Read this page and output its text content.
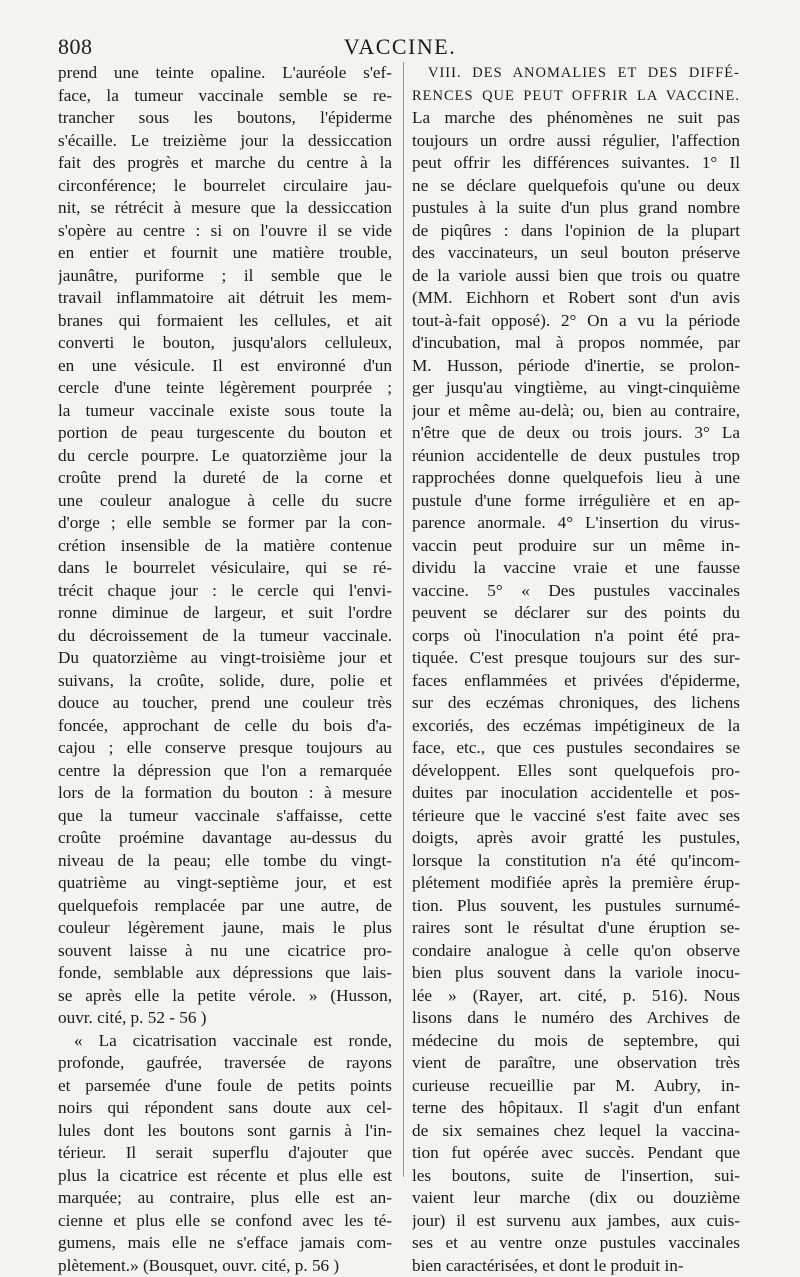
808	VACCINE.
prend une teinte opaline. L'auréole s'ef-
face, la tumeur vaccinale semble se re-
trancher sous les boutons, l'épiderme
s'écaille. Le treizième jour la dessiccation
fait des progrès et marche du centre à la
circonférence; le bourrelet circulaire jau-
nit, se rétrécit à mesure que la dessiccation
s'opère au centre : si on l'ouvre il se vide
en entier et fournit une matière trouble,
jaunâtre, puriforme ; il semble que le
travail inflammatoire ait détruit les mem-
branes qui formaient les cellules, et ait
converti le bouton, jusqu'alors celluleux,
en une vésicule. Il est environné d'un
cercle d'une teinte légèrement pourprée ;
la tumeur vaccinale existe sous toute la
portion de peau turgescente du bouton et
du cercle pourpre. Le quatorzième jour la
croûte prend la dureté de la corne et
une couleur analogue à celle du sucre
d'orge ; elle semble se former par la con-
crétion insensible de la matière contenue
dans le bourrelet vésiculaire, qui se ré-
trécit chaque jour : le cercle qui l'envi-
ronne diminue de largeur, et suit l'ordre
du décroissement de la tumeur vaccinale.
Du quatorzième au vingt-troisième jour et
suivans, la croûte, solide, dure, polie et
douce au toucher, prend une couleur très
foncée, approchant de celle du bois d'a-
cajou ; elle conserve presque toujours au
centre la dépression que l'on a remarquée
lors de la formation du bouton : à mesure
que la tumeur vaccinale s'affaisse, cette
croûte proémine davantage au-dessus du
niveau de la peau; elle tombe du vingt-
quatrième au vingt-septième jour, et est
quelquefois remplacée par une autre, de
couleur légèrement jaune, mais le plus
souvent laisse à nu une cicatrice pro-
fonde, semblable aux dépressions que lais-
se après elle la petite vérole. » (Husson,
ouvr. cité, p. 52 - 56 )
« La cicatrisation vaccinale est ronde,
profonde, gaufrée, traversée de rayons
et parsemée d'une foule de petits points
noirs qui répondent sans doute aux cel-
lules dont les boutons sont garnis à l'in-
térieur. Il serait superflu d'ajouter que
plus la cicatrice est récente et plus elle est
marquée; au contraire, plus elle est an-
cienne et plus elle se confond avec les té-
gumens, mais elle ne s'efface jamais com-
plètement.» (Bousquet, ouvr. cité, p. 56 )
VIII. DES ANOMALIES ET DES DIFFÉ-
RENCES QUE PEUT OFFRIR LA VACCINE.
La marche des phénomènes ne suit pas
toujours un ordre aussi régulier, l'affection
peut offrir les différences suivantes. 1° Il
ne se déclare quelquefois qu'une ou deux
pustules à la suite d'un plus grand nombre
de piqûres : dans l'opinion de la plupart
des vaccinateurs, un seul bouton préserve
de la variole aussi bien que trois ou quatre
(MM. Eichhorn et Robert sont d'un avis
tout-à-fait opposé). 2° On a vu la période
d'incubation, mal à propos nommée, par
M. Husson, période d'inertie, se prolon-
ger jusqu'au vingtième, au vingt-cinquième
jour et même au-delà; ou, bien au contraire,
n'être que de deux ou trois jours. 3° La
réunion accidentelle de deux pustules trop
rapprochées donne quelquefois lieu à une
pustule d'une forme irrégulière et en ap-
parence anormale. 4° L'insertion du virus-
vaccin peut produire sur un même in-
dividu la vaccine vraie et une fausse
vaccine. 5° « Des pustules vaccinales
peuvent se déclarer sur des points du
corps où l'inoculation n'a point été pra-
tiquée. C'est presque toujours sur des sur-
faces enflammées et privées d'épiderme,
sur des eczémas chroniques, des lichens
excoriés, des eczémas impétigineux de la
face, etc., que ces pustules secondaires se
développent. Elles sont quelquefois pro-
duites par inoculation accidentelle et pos-
térieure que le vacciné s'est faite avec ses
doigts, après avoir gratté les pustules,
lorsque la constitution n'a été qu'incom-
plétement modifiée après la première érup-
tion. Plus souvent, les pustules surnumé-
raires sont le résultat d'une éruption se-
condaire analogue à celle qu'on observe
bien plus souvent dans la variole inocu-
lée » (Rayer, art. cité, p. 516). Nous
lisons dans le numéro des Archives de
médecine du mois de septembre, qui
vient de paraître, une observation très
curieuse recueillie par M. Aubry, in-
terne des hôpitaux. Il s'agit d'un enfant
de six semaines chez lequel la vaccina-
tion fut opérée avec succès. Pendant que
les boutons, suite de l'insertion, sui-
vaient leur marche (dix ou douzième
jour) il est survenu aux jambes, aux cuis-
ses et au ventre onze pustules vaccinales
bien caractérisées, et dont le produit in-
